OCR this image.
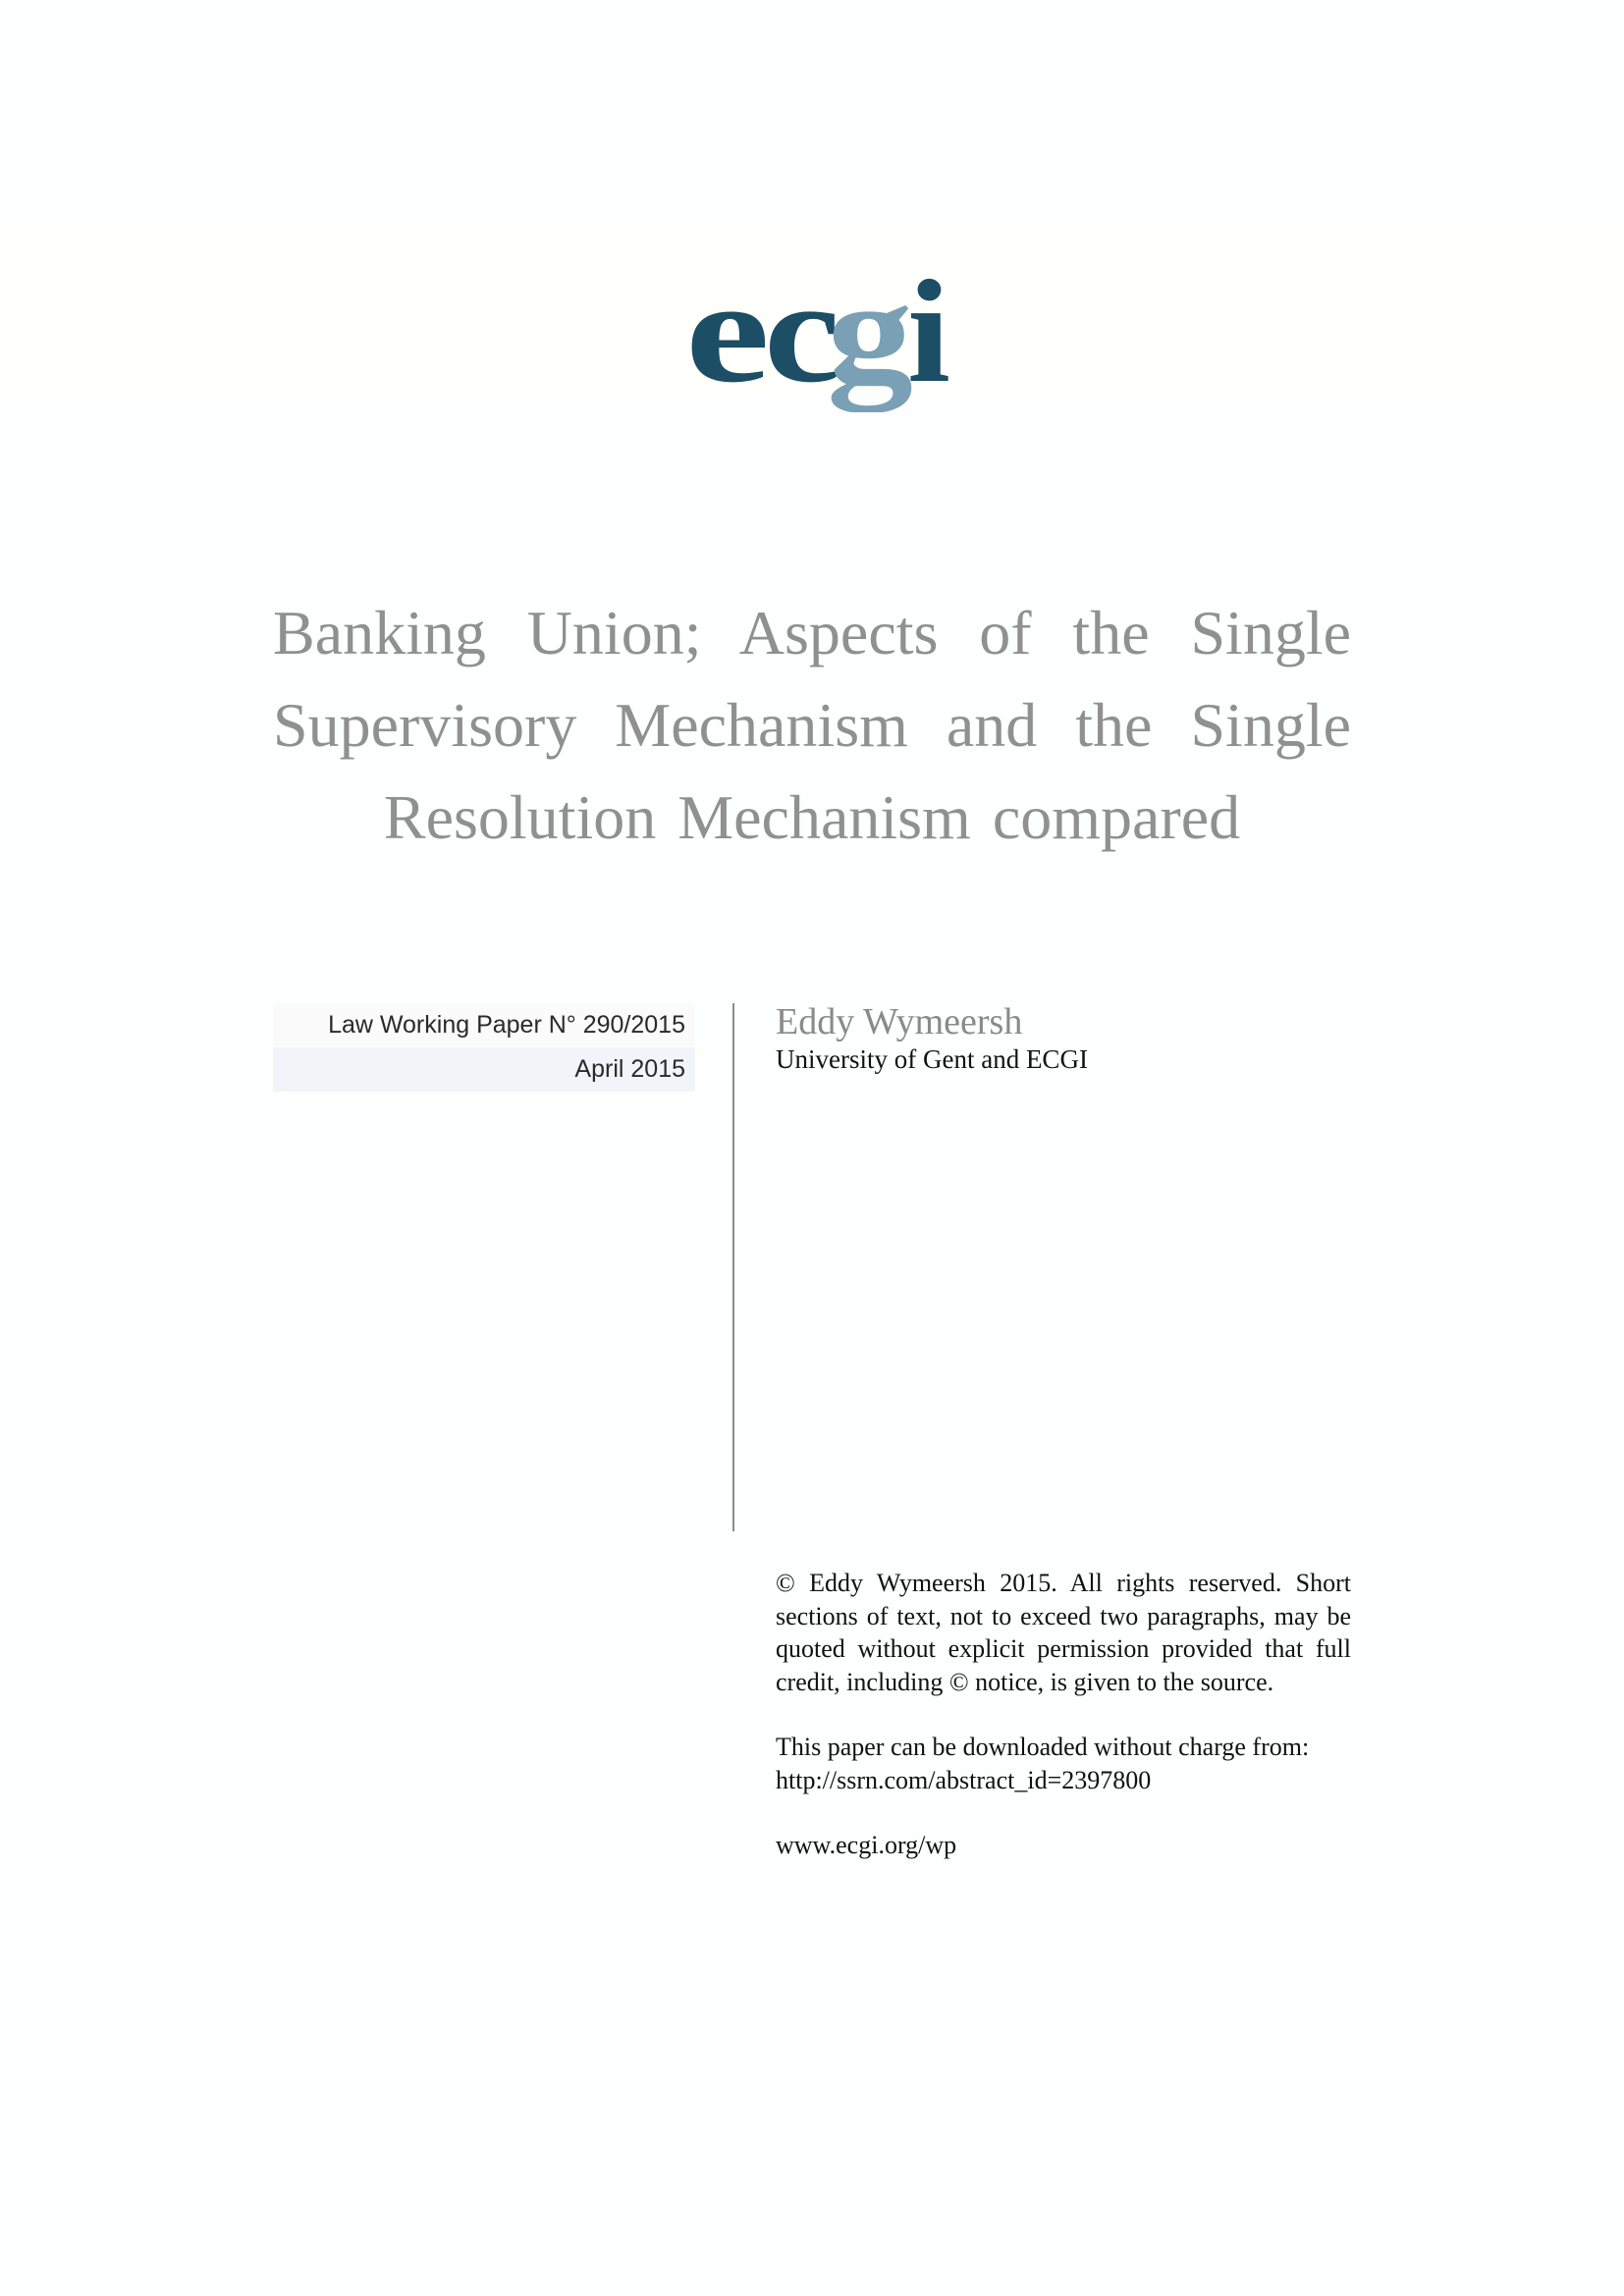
e
c
g
i
Banking Union; Aspects of the Single Supervisory Mechanism and the Single Resolution Mechanism compared
Law Working Paper N° 290/2015
April 2015
Eddy Wymeersh
University of Gent and ECGI

© Eddy Wymeersh 2015. All rights reserved. Short sections of text, not to exceed two paragraphs, may be quoted without explicit permission provided that full credit, including © notice, is given to the source.

This paper can be downloaded without charge from:
http://ssrn.com/abstract_id=2397800
www.ecgi.org/wp
